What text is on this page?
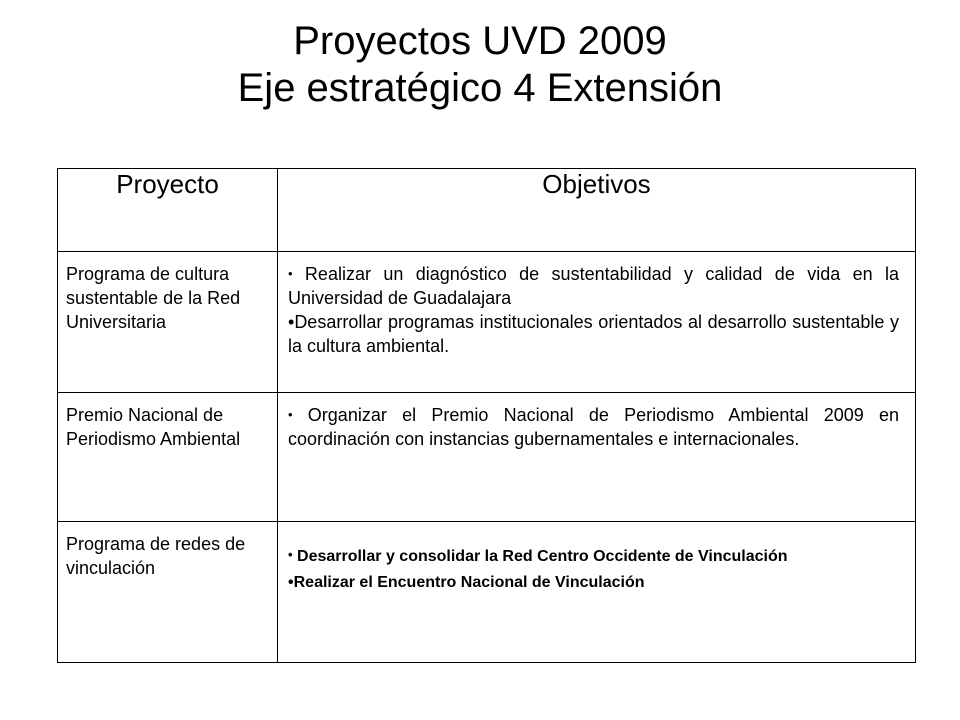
Proyectos UVD 2009
Eje estratégico 4 Extensión
Proyecto	Objetivos

Programa de cultura sustentable de la Red Universitaria	• Realizar un diagnóstico de sustentabilidad y calidad de vida en la Universidad de Guadalajara

•Desarrollar programas institucionales orientados al desarrollo sustentable y la cultura ambiental.

Premio Nacional de Periodismo Ambiental	• Organizar el Premio Nacional de Periodismo Ambiental 2009 en coordinación con instancias gubernamentales e internacionales.

Programa de redes de vinculación	• Desarrollar y consolidar la Red Centro Occidente de Vinculación

•Realizar el Encuentro Nacional de Vinculación
